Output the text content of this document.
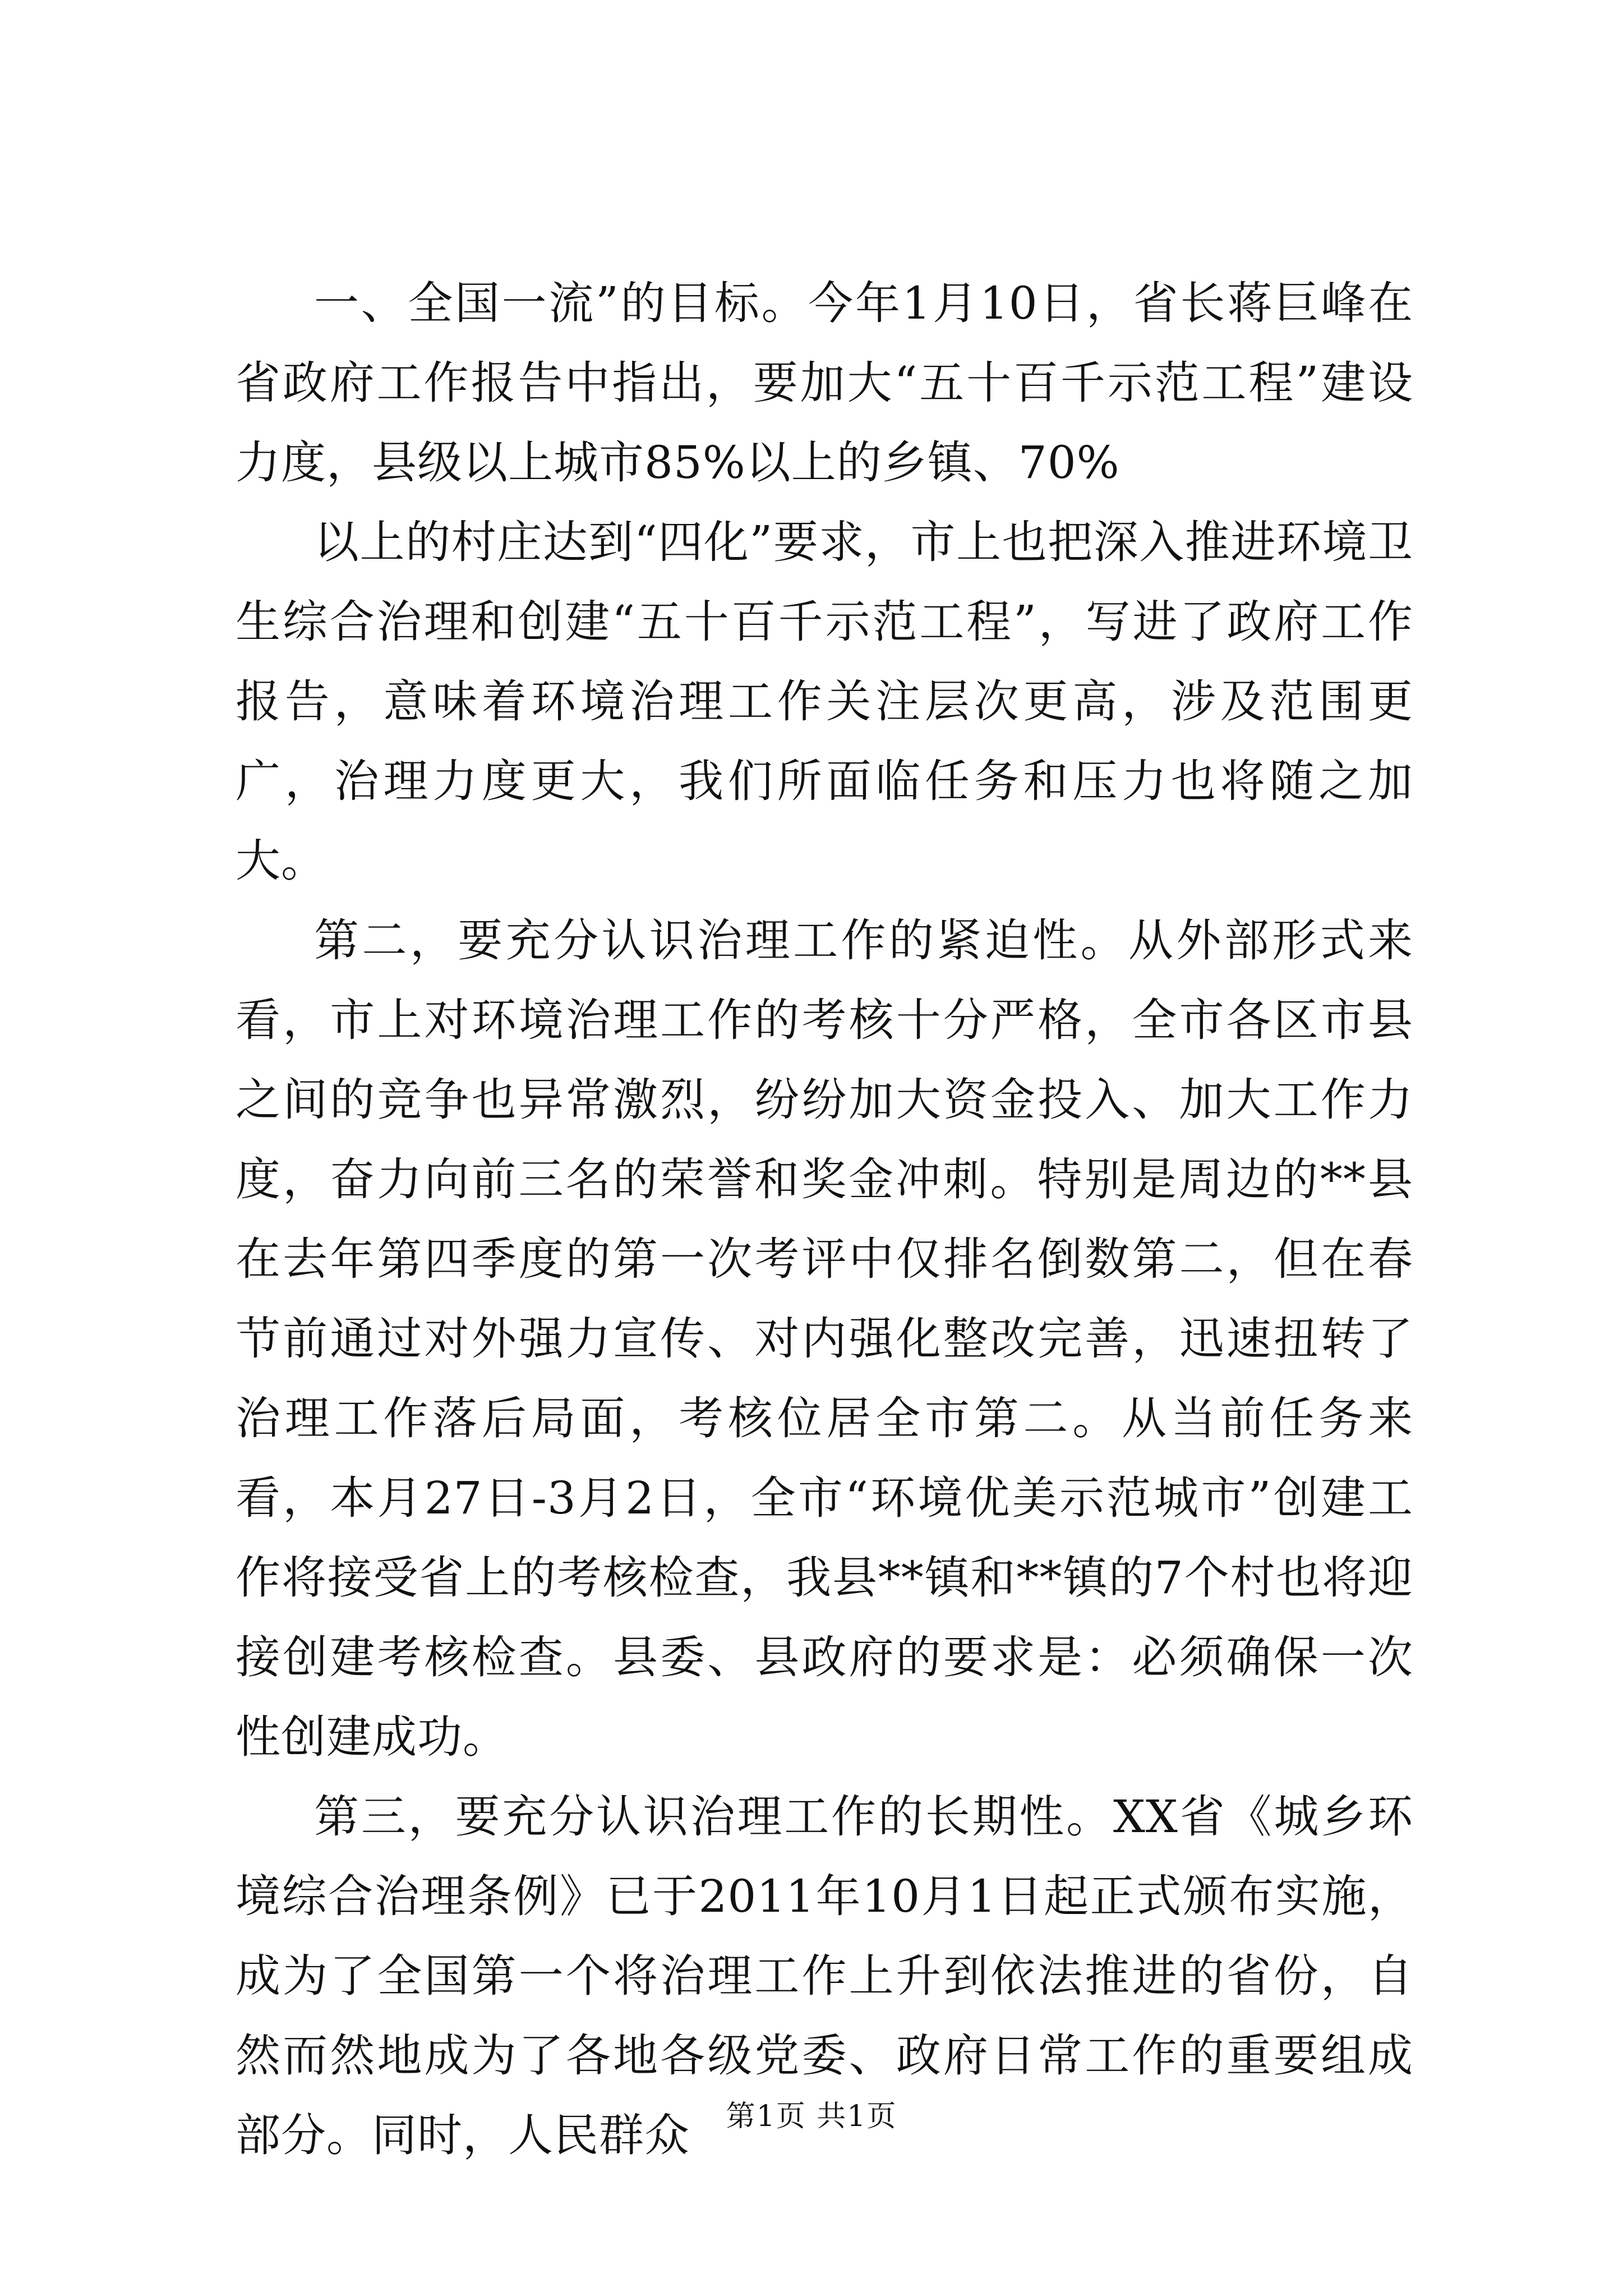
一、全国一流”的目标。今年1月10日，省长蒋巨峰在省政府工作报告中指出，要加大“五十百千示范工程”建设力度，县级以上城市85%以上的乡镇、70%

以上的村庄达到“四化”要求，市上也把深入推进环境卫生综合治理和创建“五十百千示范工程”，写进了政府工作报告，意味着环境治理工作关注层次更高，涉及范围更广，治理力度更大，我们所面临任务和压力也将随之加大。

第二，要充分认识治理工作的紧迫性。从外部形式来看，市上对环境治理工作的考核十分严格，全市各区市县之间的竞争也异常激烈，纷纷加大资金投入、加大工作力度，奋力向前三名的荣誉和奖金冲刺。特别是周边的**县在去年第四季度的第一次考评中仅排名倒数第二，但在春节前通过对外强力宣传、对内强化整改完善，迅速扭转了治理工作落后局面，考核位居全市第二。从当前任务来看，本月27日-3月2日，全市“环境优美示范城市”创建工作将接受省上的考核检查，我县**镇和**镇的7个村也将迎接创建考核检查。县委、县政府的要求是：必须确保一次性创建成功。

第三，要充分认识治理工作的长期性。XX省《城乡环境综合治理条例》已于2011年10月1日起正式颁布实施，成为了全国第一个将治理工作上升到依法推进的省份，自然而然地成为了各地各级党委、政府日常工作的重要组成部分。同时，人民群众	第1页 共1页
